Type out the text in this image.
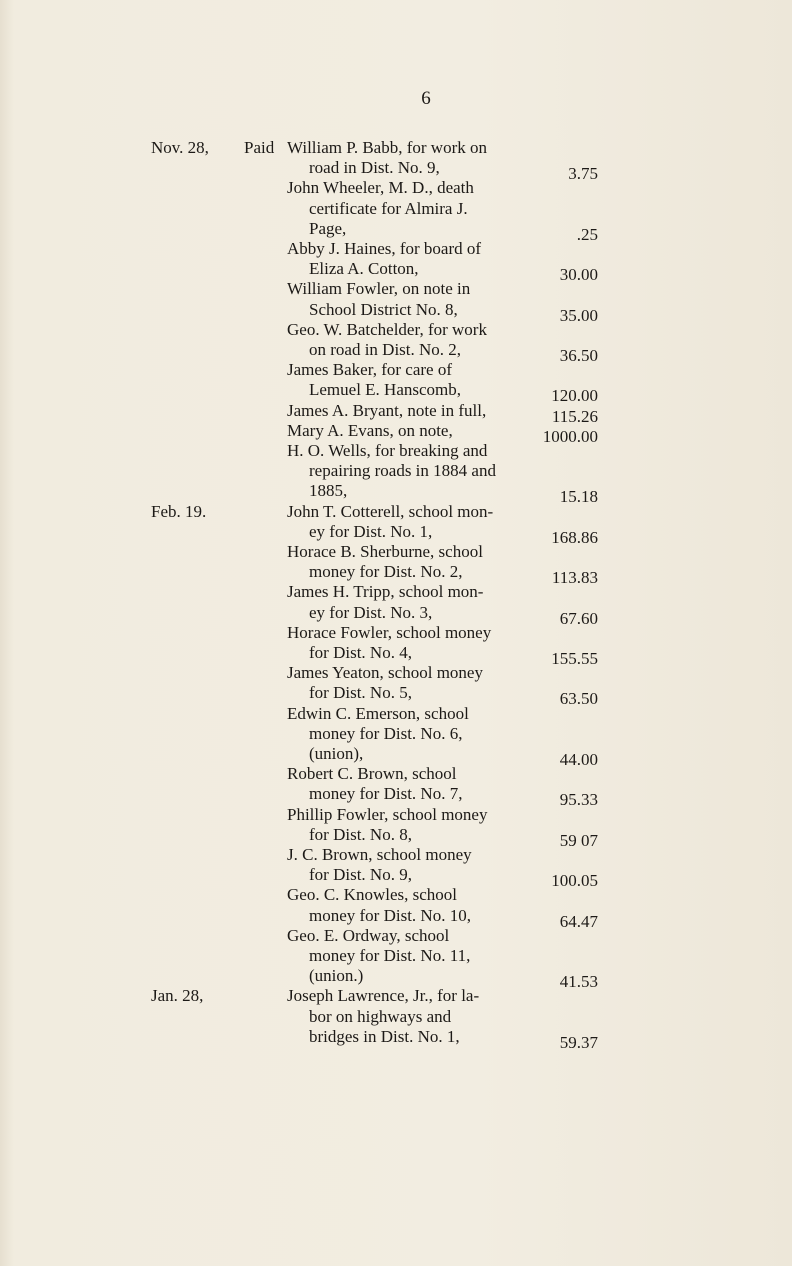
6
Paid
Nov. 28,	William P. Babb, for work on
road in Dist. No. 9,	3.75
John Wheeler, M. D., death
certificate for Almira J.
Page,	.25
Abby J. Haines, for board of
Eliza A. Cotton,	30.00
William Fowler, on note in
School District No. 8,	35.00
Geo. W. Batchelder, for work
on road in Dist. No. 2,	36.50
James Baker, for care of
Lemuel E. Hanscomb,	120.00
James A. Bryant, note in full,	115.26
Mary A. Evans, on note,	1000.00
H. O. Wells, for breaking and
repairing roads in 1884 and
1885,	15.18
Feb. 19.	John T. Cotterell, school mon-
ey for Dist. No. 1,	168.86
Horace B. Sherburne, school
money for Dist. No. 2,	113.83
James H. Tripp, school mon-
ey for Dist. No. 3,	67.60
Horace Fowler, school money
for Dist. No. 4,	155.55
James Yeaton, school money
for Dist. No. 5,	63.50
Edwin C. Emerson, school
money for Dist. No. 6,
(union),	44.00
Robert C. Brown, school
money for Dist. No. 7,	95.33
Phillip Fowler, school money
for Dist. No. 8,	59 07
J. C. Brown, school money
for Dist. No. 9,	100.05
Geo. C. Knowles, school
money for Dist. No. 10,	64.47
Geo. E. Ordway, school
money for Dist. No. 11,
(union.)	41.53
Jan. 28,	Joseph Lawrence, Jr., for la-
bor on highways and
bridges in Dist. No. 1,	59.37
